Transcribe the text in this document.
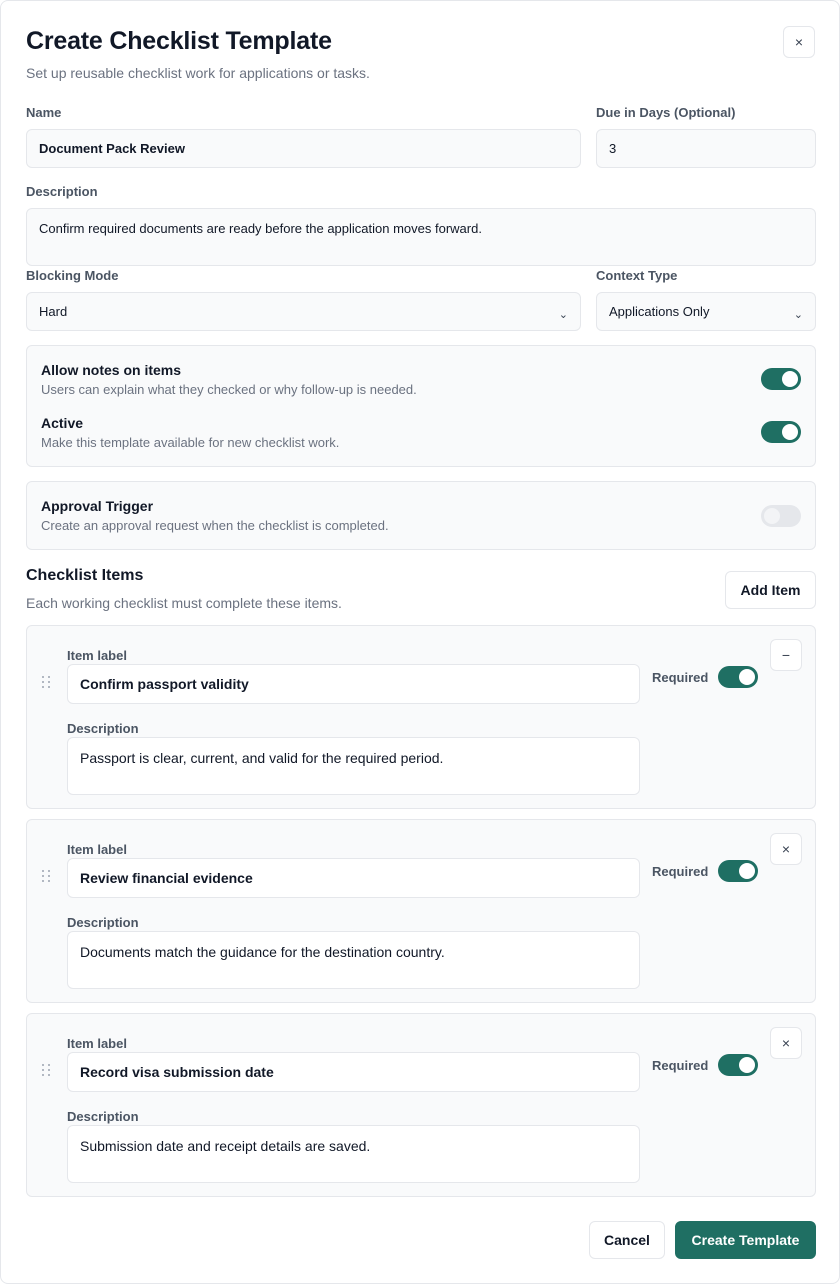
Create Checklist Template
Set up reusable checklist work for applications or tasks.
×
Name
Document Pack Review
Due in Days (Optional)
3
Description
Confirm required documents are ready before the application moves forward.
Blocking Mode
Hard	⌄
Context Type
Applications Only	⌄
Allow notes on items
Users can explain what they checked or why follow-up is needed.
Active
Make this template available for new checklist work.
Approval Trigger
Create an approval request when the checklist is completed.
Checklist Items
Each working checklist must complete these items.
Add Item
Item label
Confirm passport validity
Description
Passport is clear, current, and valid for the required period.
Required
−
Item label
Review financial evidence
Description
Documents match the guidance for the destination country.
Required
×
Item label
Record visa submission date
Description
Submission date and receipt details are saved.
Required
×
Cancel	Create Template
